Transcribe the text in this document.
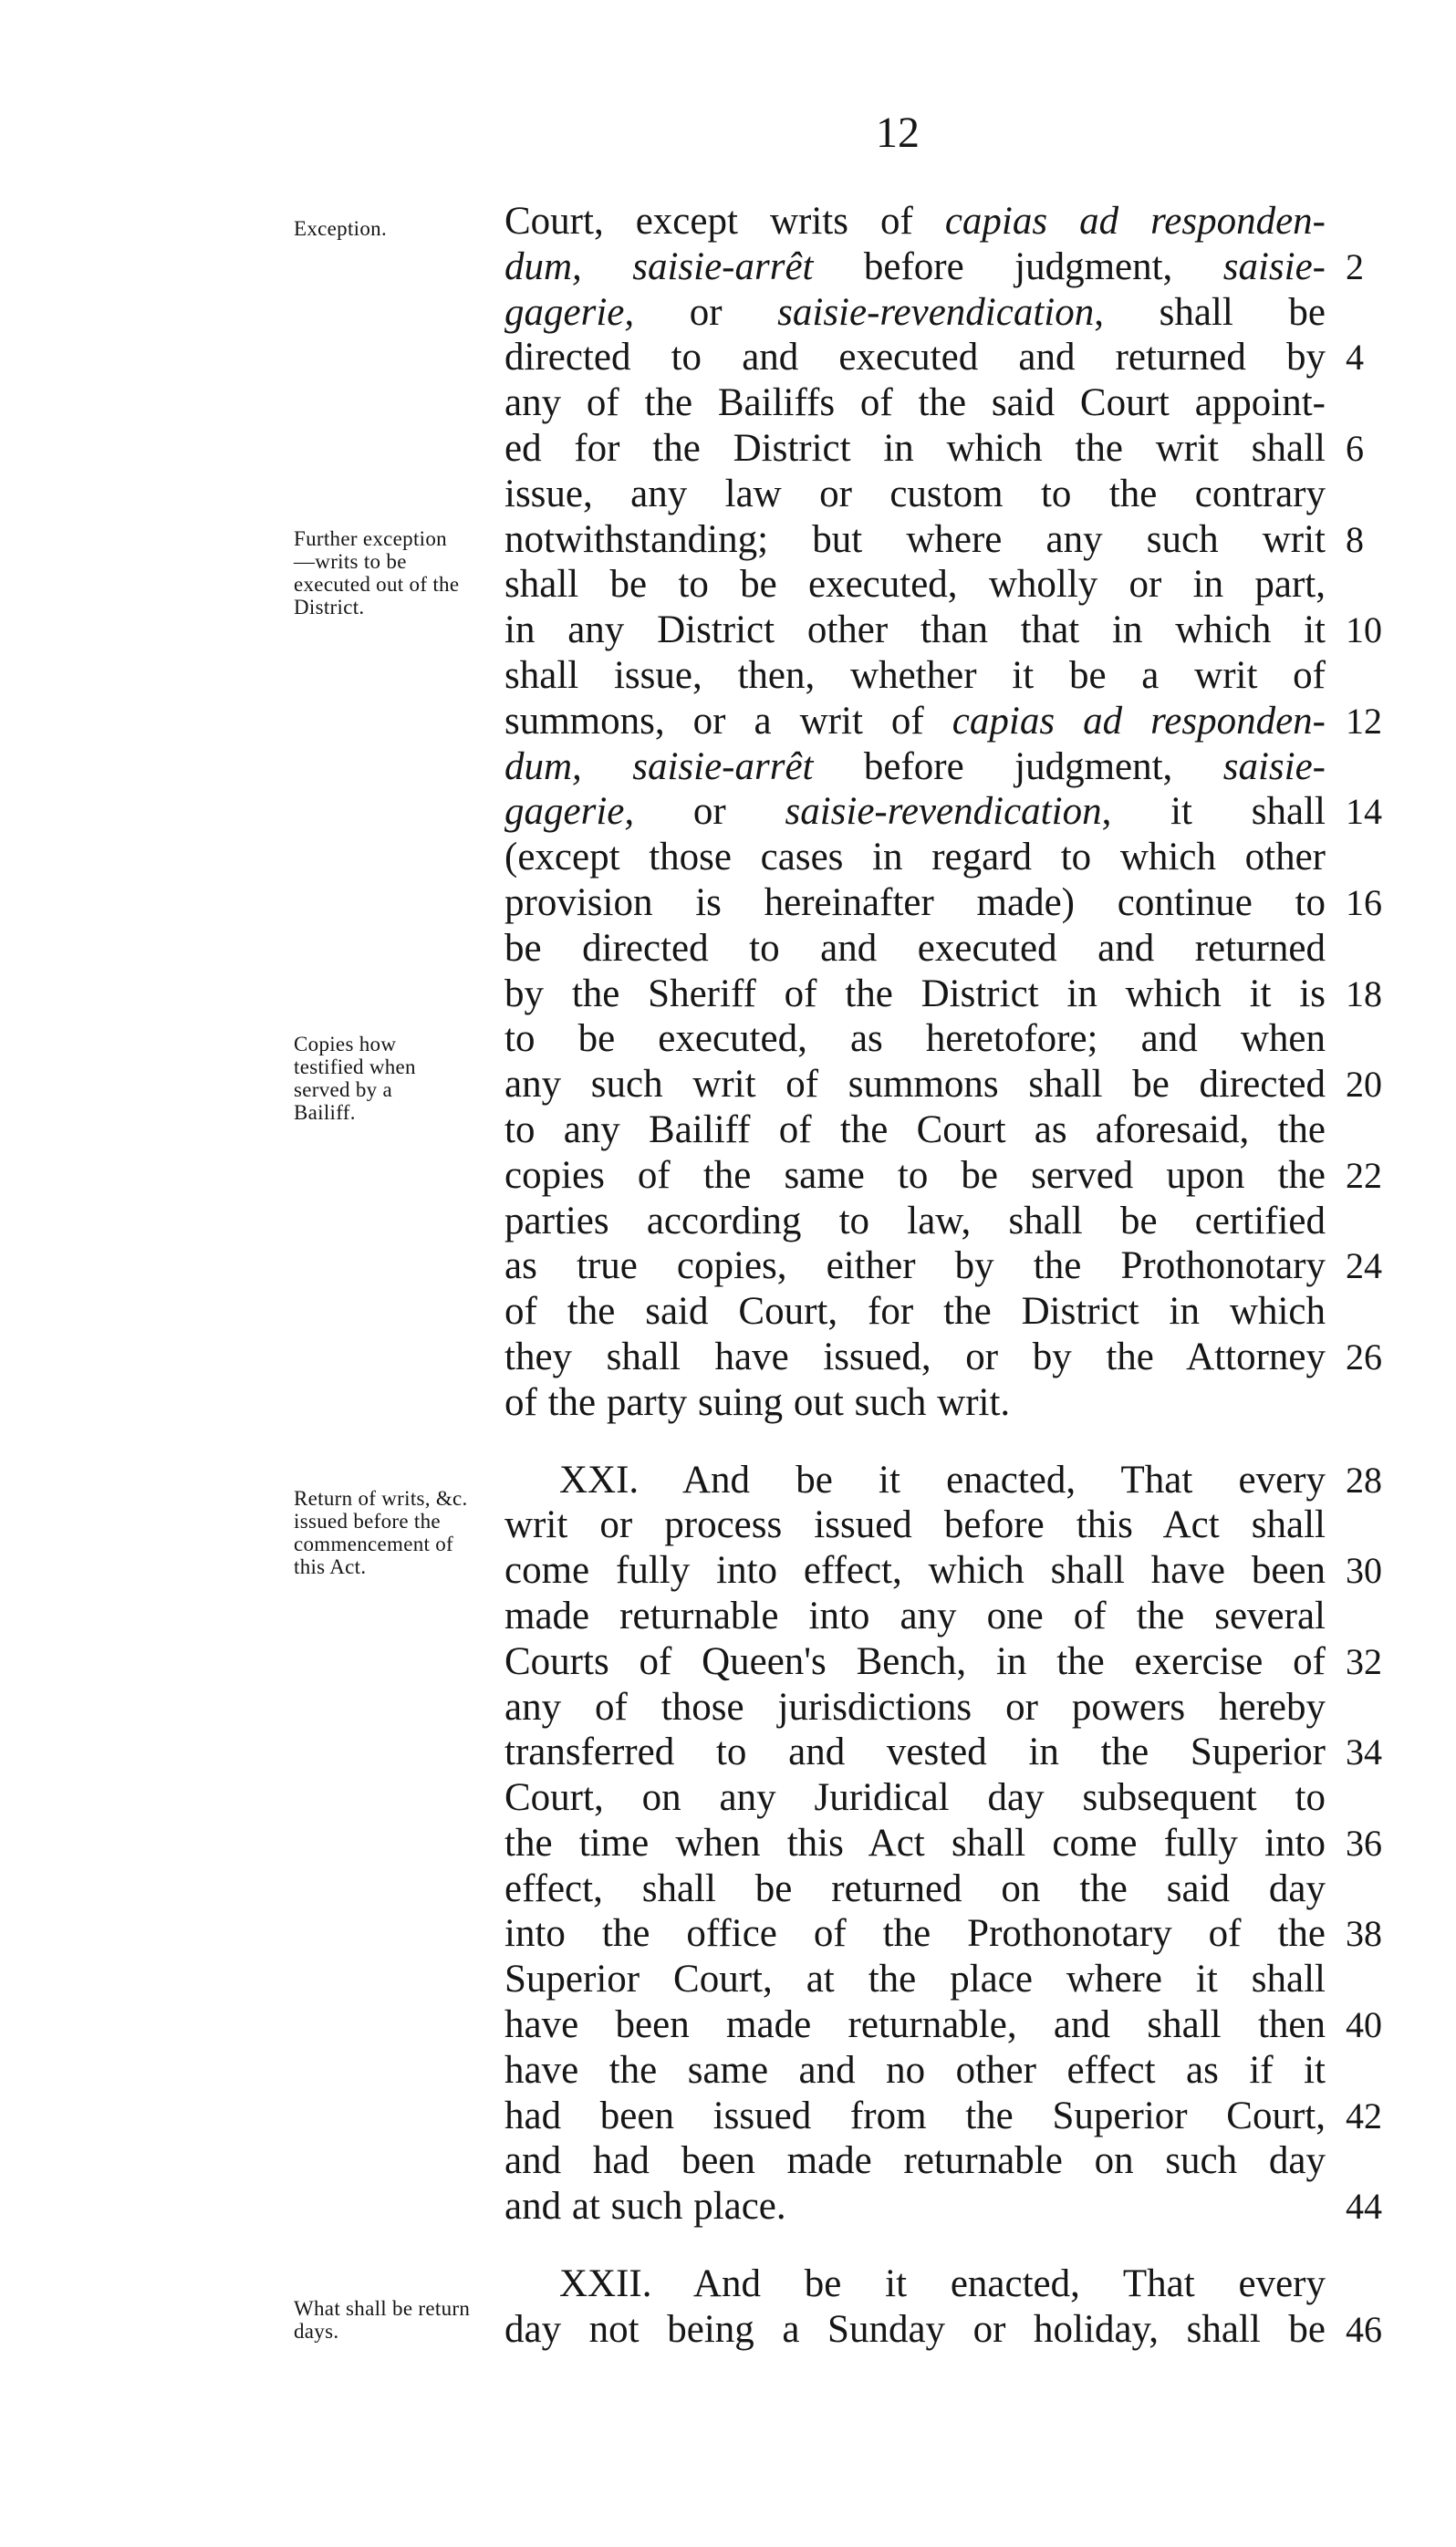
12
Exception.
Further exception—writs to be executed out of the District.
Copies how testified when served by a Bailiff.
Return of writs, &c. issued before the commencement of this Act.
What shall be return days.
Court, except writs of capias ad responden-
dum, saisie-arrêt before judgment, saisie- 2
gagerie, or saisie-revendication, shall be
directed to and executed and returned by 4
any of the Bailiffs of the said Court appoint-
ed for the District in which the writ shall 6
issue, any law or custom to the contrary
notwithstanding; but where any such writ 8
shall be to be executed, wholly or in part,
in any District other than that in which it 10
shall issue, then, whether it be a writ of
summons, or a writ of capias ad responden- 12
dum, saisie-arrêt before judgment, saisie-
gagerie, or saisie-revendication, it shall 14
(except those cases in regard to which other
provision is hereinafter made) continue to 16
be directed to and executed and returned
by the Sheriff of the District in which it is 18
to be executed, as heretofore; and when
any such writ of summons shall be directed 20
to any Bailiff of the Court as aforesaid, the
copies of the same to be served upon the 22
parties according to law, shall be certified
as true copies, either by the Prothonotary 24
of the said Court, for the District in which
they shall have issued, or by the Attorney 26
of the party suing out such writ.
XXI. And be it enacted, That every 28
writ or process issued before this Act shall
come fully into effect, which shall have been 30
made returnable into any one of the several
Courts of Queen's Bench, in the exercise of 32
any of those jurisdictions or powers hereby
transferred to and vested in the Superior 34
Court, on any Juridical day subsequent to
the time when this Act shall come fully into 36
effect, shall be returned on the said day
into the office of the Prothonotary of the 38
Superior Court, at the place where it shall
have been made returnable, and shall then 40
have the same and no other effect as if it
had been issued from the Superior Court, 42
and had been made returnable on such day
and at such place.	44
XXII. And be it enacted, That every
day not being a Sunday or holiday, shall be 46
